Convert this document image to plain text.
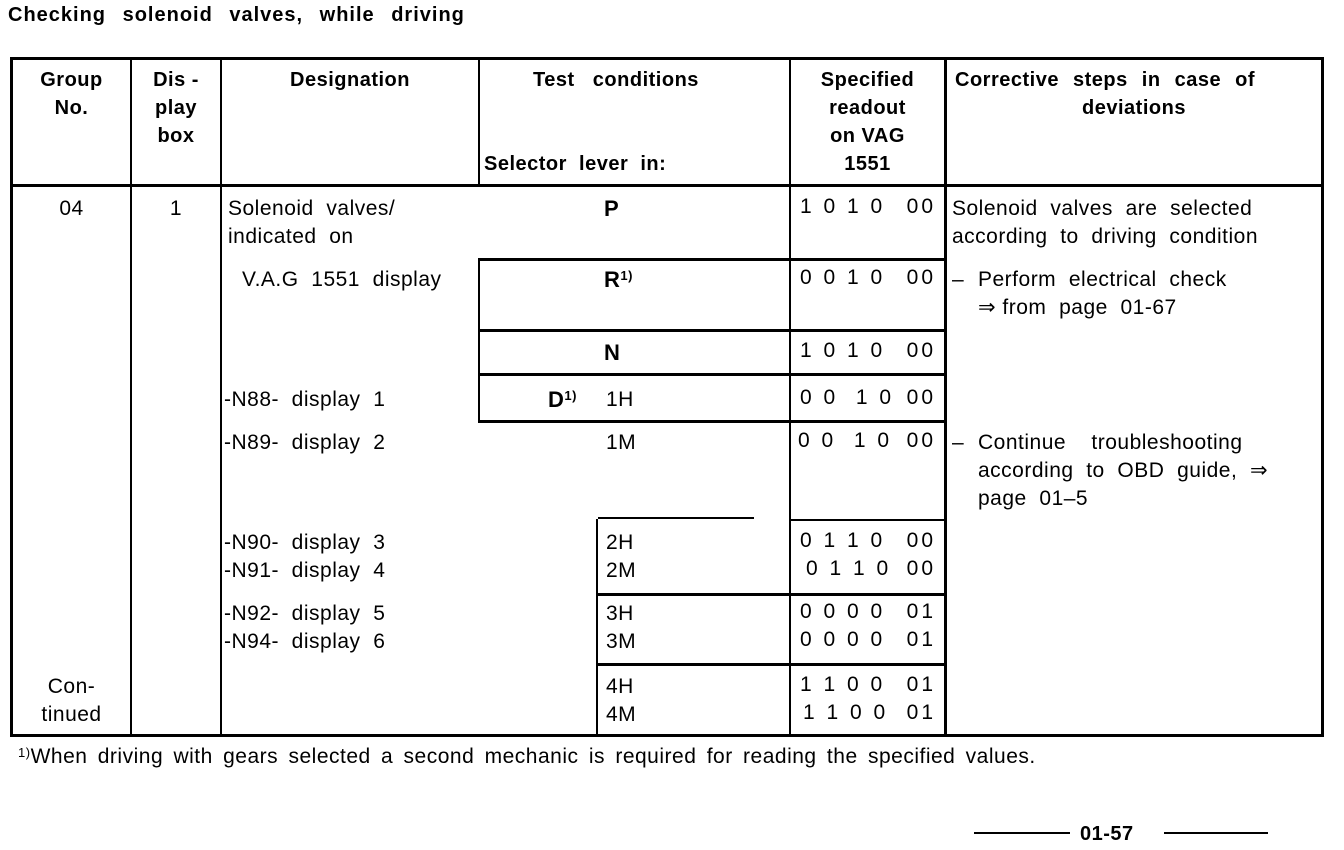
Checking solenoid valves, while driving
Group
No.
Dis -
play
box
Designation	Test   conditions
Selector  lever  in:
Specified
readout
on VAG
1551
Corrective steps in case of
deviations
04	1
Con-
tinued
Solenoid  valves/
indicated  on
V.A.G  1551  display
-N88-  display  1
-N89-  display  2
-N90-  display  3
-N91-  display  4
-N92-  display  5
-N94-  display  6
P
$R^{1)}$
N
$D^{1)}$ 1H
1M
2H
2M
3H
3M
4H
4M
1 0 1 0 00
0 0 1 0 00
1 0 1 0 00
0 0  1 0 00
0 0  1 0 00
0 1 1 0 00
0 1 1 0 00
0 0 0 0 01
0 0 0 0 01
1 1 0 0 01
1 1 0 0 01
Solenoid  valves  are  selected
according  to  driving  condition
– Perform  electrical  check
⇒ from  page  01-67
– Continue    troubleshooting
according  to  OBD  guide,  ⇒
page  01–5
$^{1)}$When driving with gears selected a second mechanic is required for reading the specified values.
01-57
